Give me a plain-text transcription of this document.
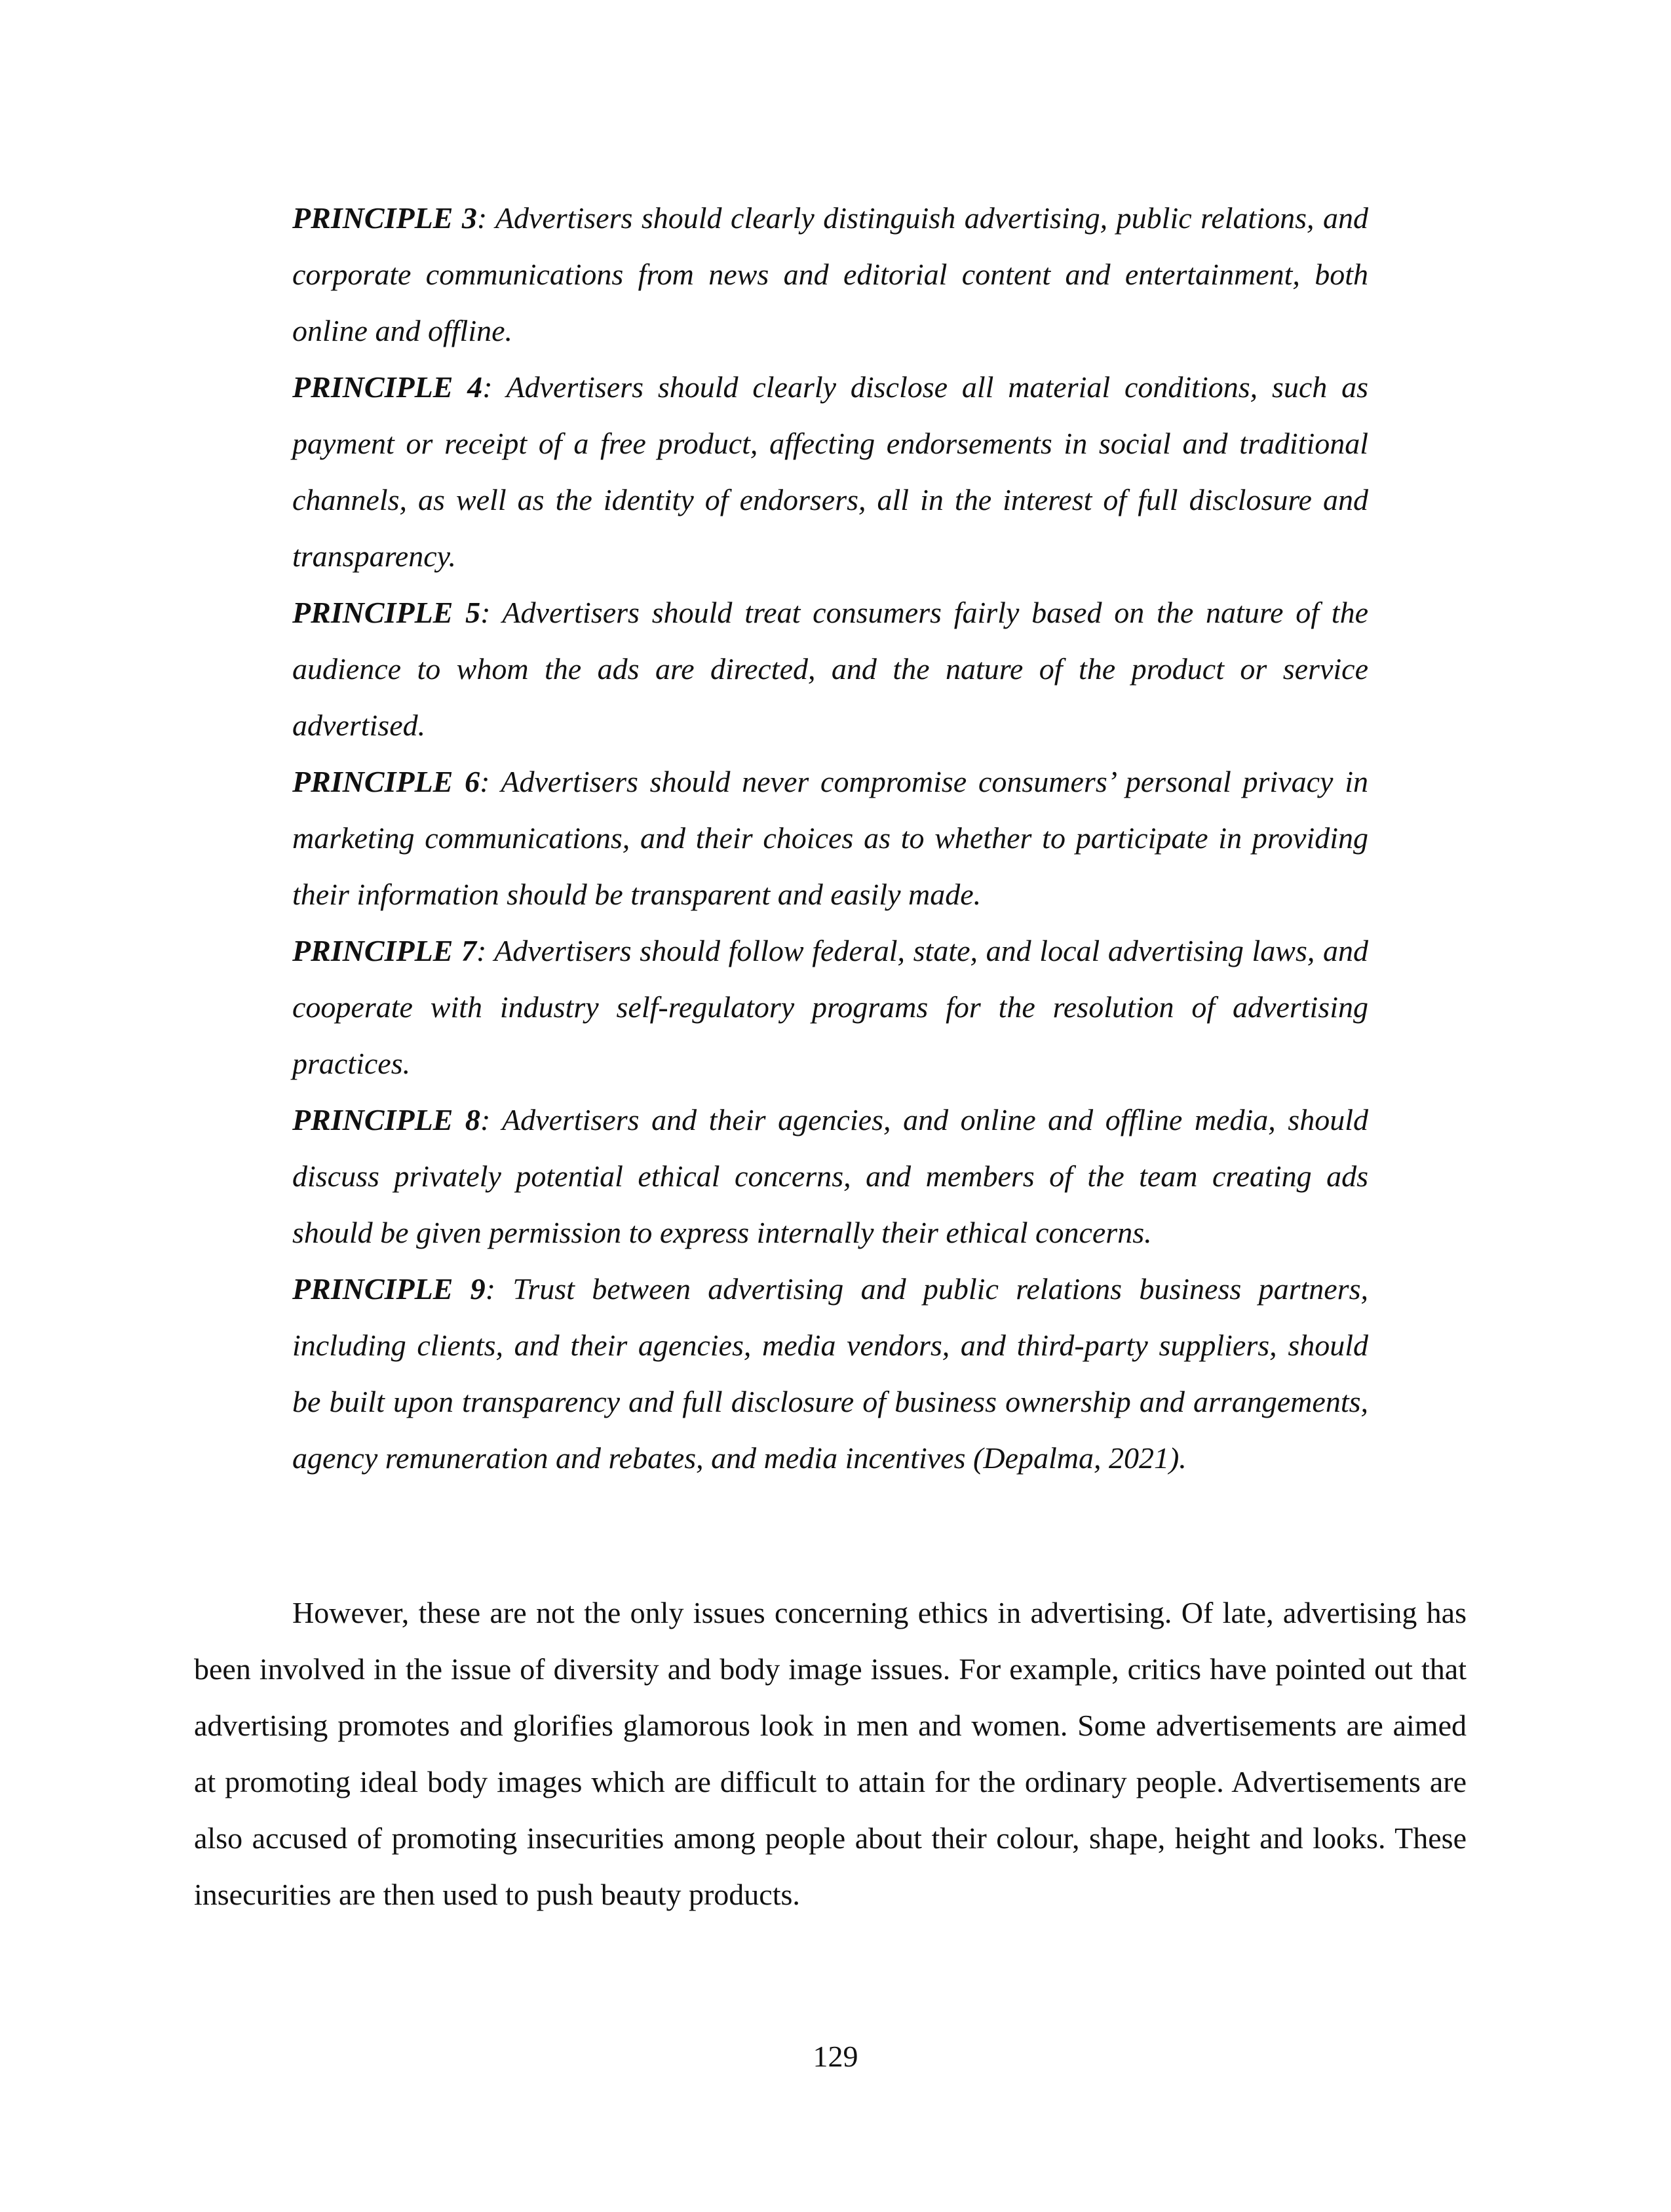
PRINCIPLE 3: Advertisers should clearly distinguish advertising, public relations, and corporate communications from news and editorial content and entertainment, both online and offline.

PRINCIPLE 4: Advertisers should clearly disclose all material conditions, such as payment or receipt of a free product, affecting endorsements in social and traditional channels, as well as the identity of endorsers, all in the interest of full disclosure and transparency.

PRINCIPLE 5: Advertisers should treat consumers fairly based on the nature of the audience to whom the ads are directed, and the nature of the product or service advertised.

PRINCIPLE 6: Advertisers should never compromise consumers’ personal privacy in marketing communications, and their choices as to whether to participate in providing their information should be transparent and easily made.

PRINCIPLE 7: Advertisers should follow federal, state, and local advertising laws, and cooperate with industry self-regulatory programs for the resolution of advertising practices.

PRINCIPLE 8: Advertisers and their agencies, and online and offline media, should discuss privately potential ethical concerns, and members of the team creating ads should be given permission to express internally their ethical concerns.

PRINCIPLE 9: Trust between advertising and public relations business partners, including clients, and their agencies, media vendors, and third-party suppliers, should be built upon transparency and full disclosure of business ownership and arrangements, agency remuneration and rebates, and media incentives (Depalma, 2021).

However, these are not the only issues concerning ethics in advertising. Of late, advertising has been involved in the issue of diversity and body image issues. For example, critics have pointed out that advertising promotes and glorifies glamorous look in men and women. Some advertisements are aimed at promoting ideal body images which are difficult to attain for the ordinary people. Advertisements are also accused of promoting insecurities among people about their colour, shape, height and looks. These insecurities are then used to push beauty products.

129
